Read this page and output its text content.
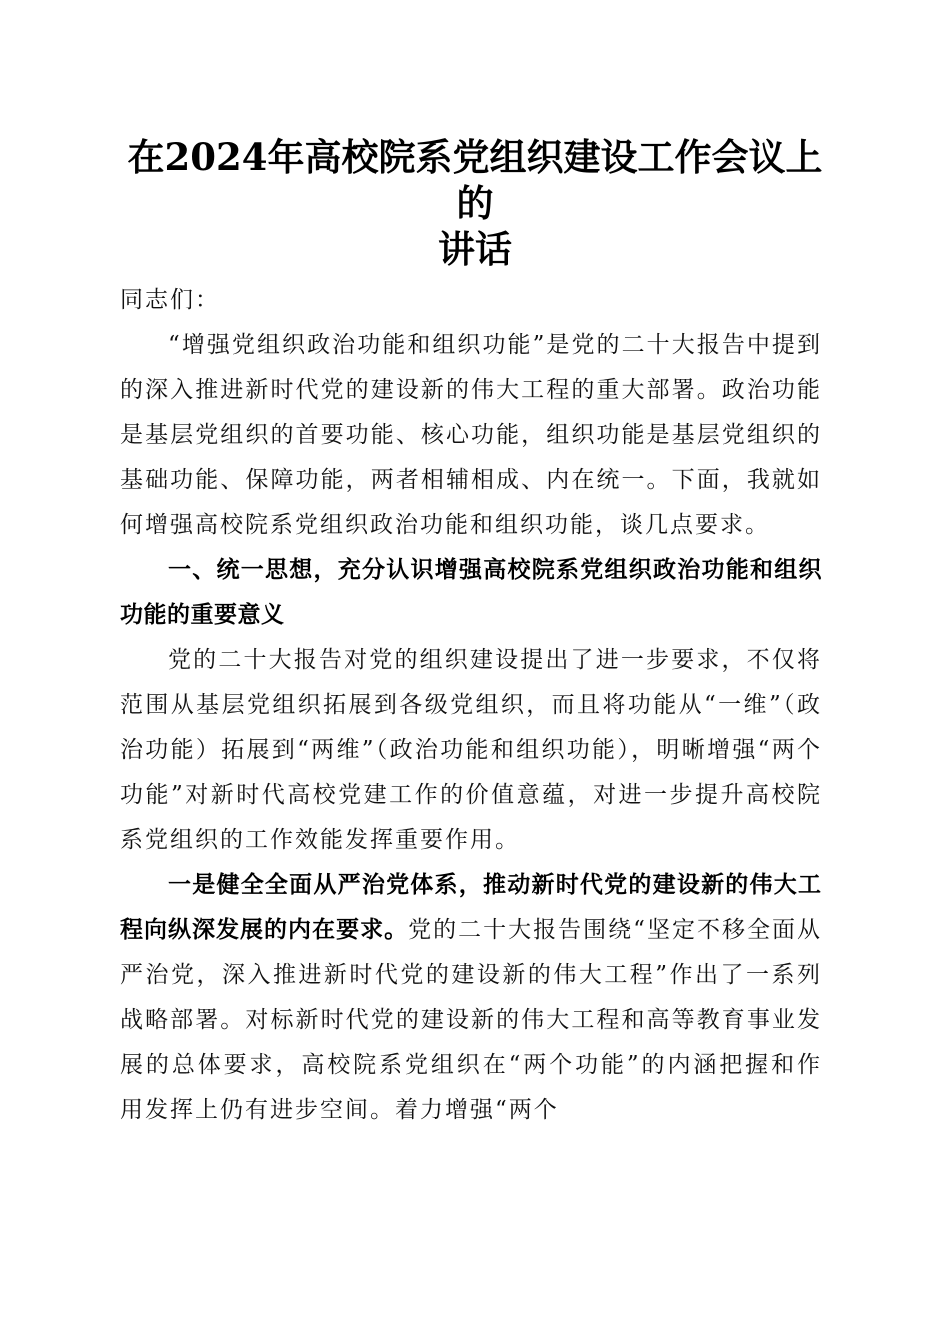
在2024年高校院系党组织建设工作会议上的
讲话

同志们：

“增强党组织政治功能和组织功能”是党的二十大报告中提到的深入推进新时代党的建设新的伟大工程的重大部署。政治功能是基层党组织的首要功能、核心功能，组织功能是基层党组织的基础功能、保障功能，两者相辅相成、内在统一。下面，我就如何增强高校院系党组织政治功能和组织功能，谈几点要求。

一、统一思想，充分认识增强高校院系党组织政治功能和组织功能的重要意义

党的二十大报告对党的组织建设提出了进一步要求，不仅将范围从基层党组织拓展到各级党组织，而且将功能从“一维”（政治功能）拓展到“两维”（政治功能和组织功能），明晰增强“两个功能”对新时代高校党建工作的价值意蕴，对进一步提升高校院系党组织的工作效能发挥重要作用。

一是健全全面从严治党体系，推动新时代党的建设新的伟大工程向纵深发展的内在要求。党的二十大报告围绕“坚定不移全面从严治党，深入推进新时代党的建设新的伟大工程”作出了一系列战略部署。对标新时代党的建设新的伟大工程和高等教育事业发展的总体要求，高校院系党组织在“两个功能”的内涵把握和作用发挥上仍有进步空间。着力增强“两个
